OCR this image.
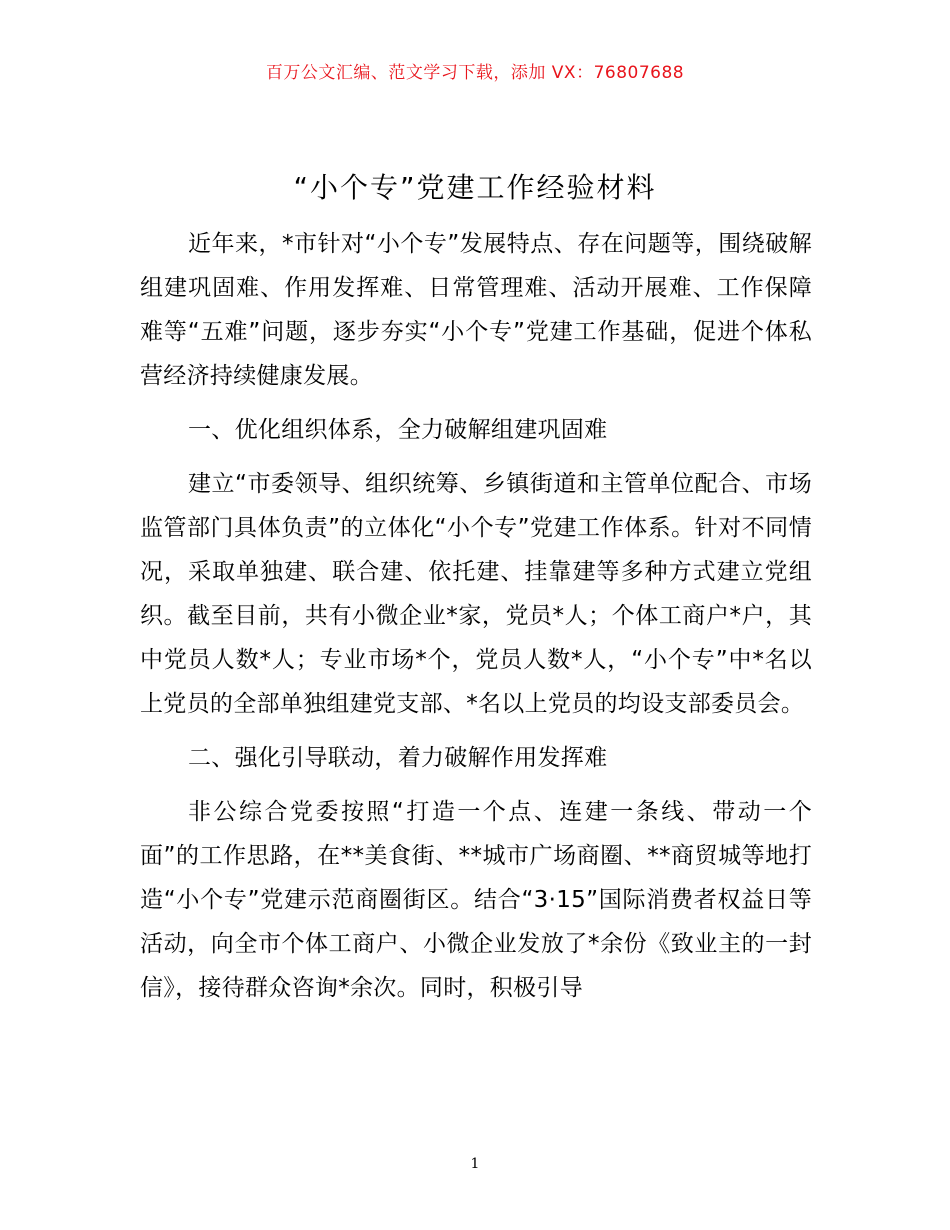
百万公文汇编、范文学习下载，添加 VX：76807688
“小个专”党建工作经验材料

近年来，*市针对“小个专”发展特点、存在问题等，围绕破解组建巩固难、作用发挥难、日常管理难、活动开展难、工作保障难等“五难”问题，逐步夯实“小个专”党建工作基础，促进个体私营经济持续健康发展。

一、优化组织体系，全力破解组建巩固难

建立“市委领导、组织统筹、乡镇街道和主管单位配合、市场监管部门具体负责”的立体化“小个专”党建工作体系。针对不同情况，采取单独建、联合建、依托建、挂靠建等多种方式建立党组织。截至目前，共有小微企业*家，党员*人；个体工商户*户，其中党员人数*人；专业市场*个，党员人数*人，“小个专”中*名以上党员的全部单独组建党支部、*名以上党员的均设支部委员会。

二、强化引导联动，着力破解作用发挥难

非公综合党委按照“打造一个点、连建一条线、带动一个面”的工作思路，在**美食街、**城市广场商圈、**商贸城等地打造“小个专”党建示范商圈街区。结合“3·15”国际消费者权益日等活动，向全市个体工商户、小微企业发放了*余份《致业主的一封信》，接待群众咨询*余次。同时，积极引导

1
